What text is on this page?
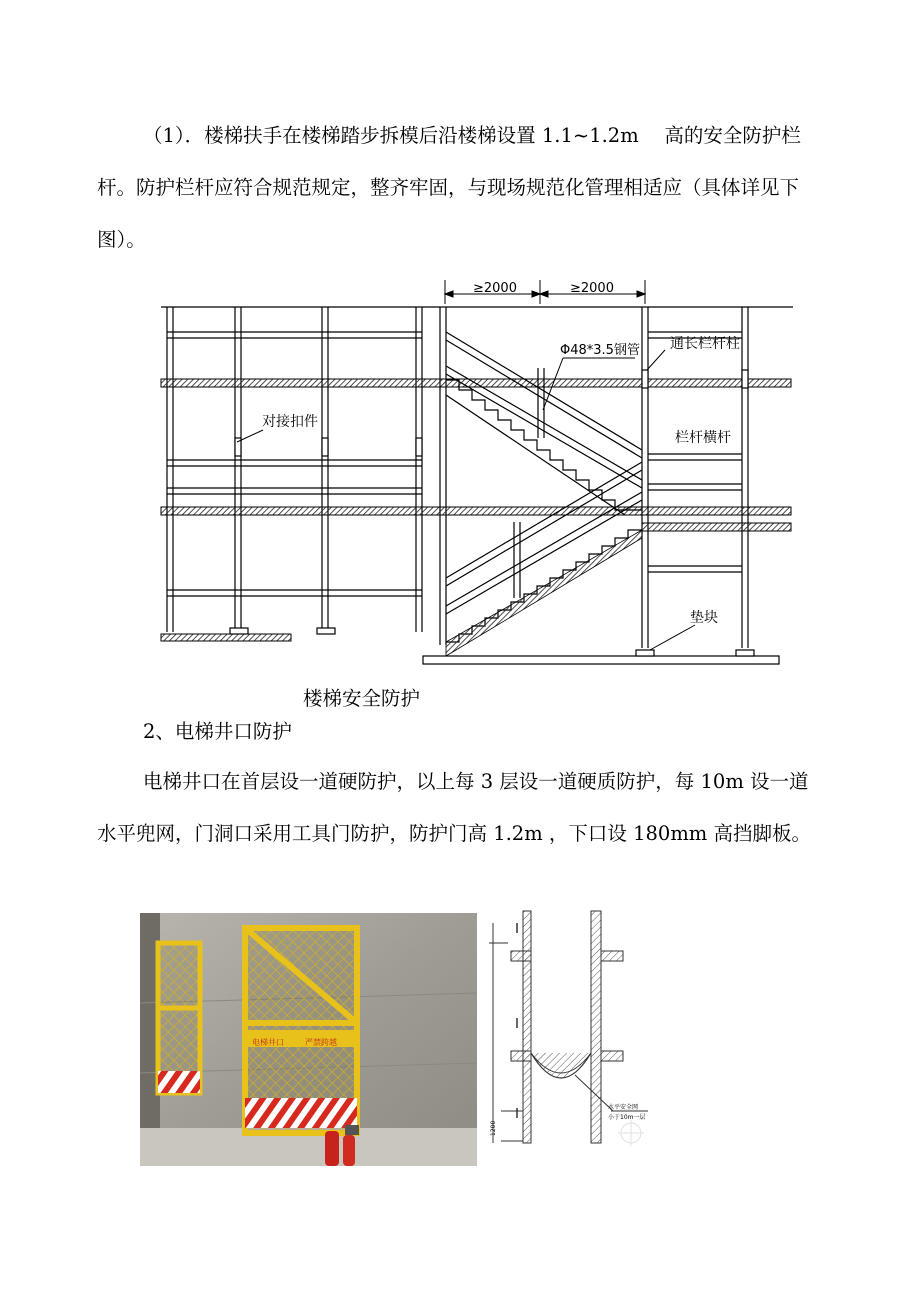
（1）．楼梯扶手在楼梯踏步拆模后沿楼梯设置 1.1~1.2m　 高的安全防护栏杆。防护栏杆应符合规范规定，整齐牢固，与现场规范化管理相适应（具体详见下图）。

≥2000	≥2000
Φ48*3.5钢管 通长栏杆柱
对接扣件
栏杆横杆
垫块
楼梯安全防护
2、电梯井口防护

电梯井口在首层设一道硬防护，以上每 3 层设一道硬质防护，每 10m 设一道水平兜网，门洞口采用工具门防护，防护门高 1.2m ，下口设 180mm 高挡脚板。

电梯井口	严禁跨越
1200
水平安全网
小于10m一层
